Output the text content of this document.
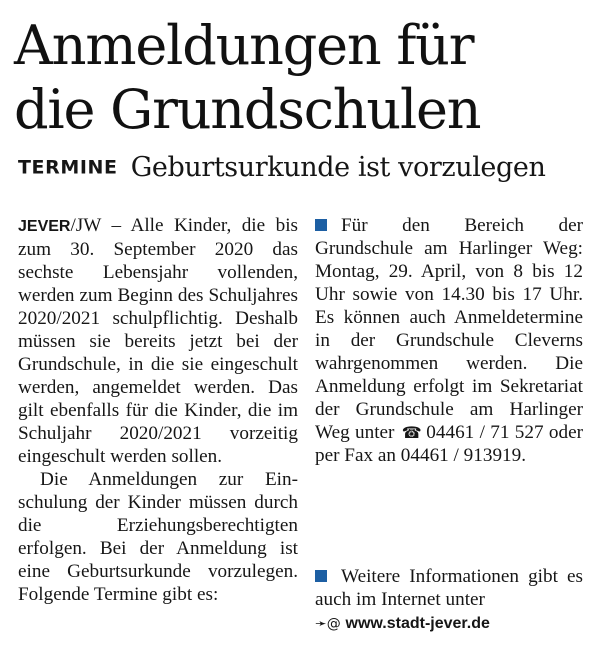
Anmeldungen für
die Grundschulen
TERMINE Geburtsurkunde ist vorzulegen

JEVER/JW – Alle Kinder, die bis zum 30. September 2020 das sechste Lebensjahr vollenden, werden zum Beginn des Schuljahres 2020/2021 schulpflichtig. Deshalb müssen sie bereits jetzt bei der Grundschule, in die sie eingeschult werden, angemeldet werden. Das gilt ebenfalls für die Kinder, die im Schuljahr 2020/2021 vorzeitig eingeschult werden sollen.

Die Anmeldungen zur Einschulung der Kinder müssen durch die Erziehungsberechtigten erfolgen. Bei der Anmeldung ist eine Geburtsurkunde vorzulegen. Folgende Termine gibt es:

Für den Bereich der Grundschule am Harlinger Weg: Montag, 29. April, von 8 bis 12 Uhr sowie von 14.30 bis 17 Uhr. Es können auch Anmeldetermine in der Grundschule Cleverns wahrgenommen werden. Die Anmeldung erfolgt im Sekretariat der Grundschule am Harlinger Weg unter ☎ 04461 / 71 527 oder per Fax an 04461 / 913919.

Weitere Informationen gibt es auch im Internet unter

➛@ www.stadt-jever.de
